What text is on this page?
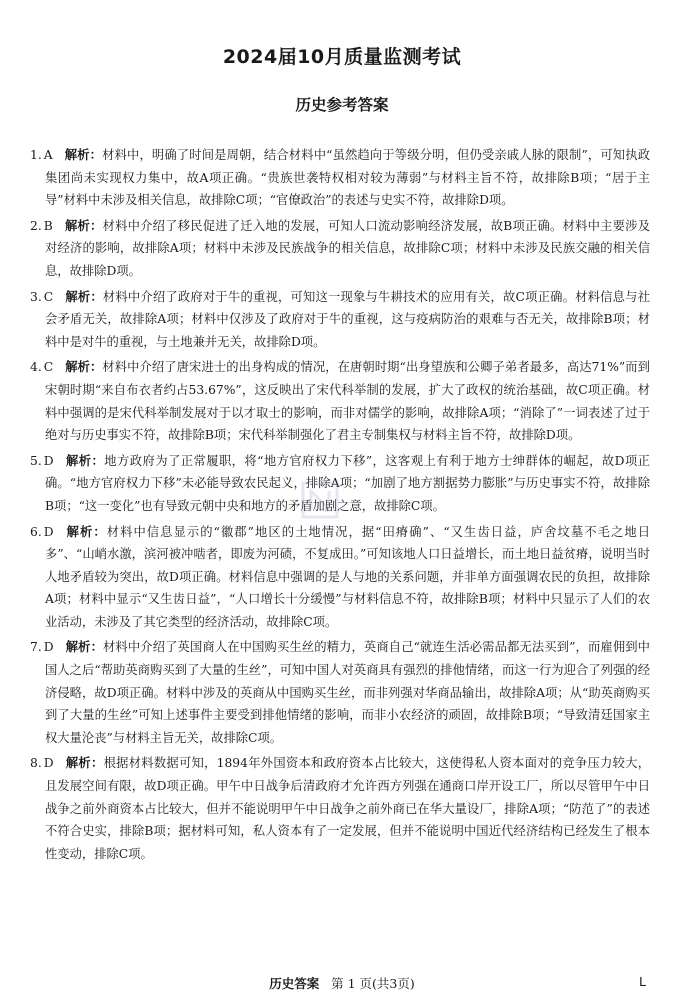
2024届10月质量监测考试
历史参考答案

1. A 解析：材料中，明确了时间是周朝，结合材料中“虽然趋向于等级分明，但仍受亲戚人脉的限制”，可知执政集团尚未实现权力集中，故A项正确。“贵族世袭特权相对较为薄弱”与材料主旨不符，故排除B项；“居于主导”材料中未涉及相关信息，故排除C项；“官僚政治”的表述与史实不符，故排除D项。

2. B 解析：材料中介绍了移民促进了迁入地的发展，可知人口流动影响经济发展，故B项正确。材料中主要涉及对经济的影响，故排除A项；材料中未涉及民族战争的相关信息，故排除C项；材料中未涉及民族交融的相关信息，故排除D项。

3. C 解析：材料中介绍了政府对于牛的重视，可知这一现象与牛耕技术的应用有关，故C项正确。材料信息与社会矛盾无关，故排除A项；材料中仅涉及了政府对于牛的重视，这与疫病防治的艰难与否无关，故排除B项；材料中是对牛的重视，与土地兼并无关，故排除D项。

4. C 解析：材料中介绍了唐宋进士的出身构成的情况，在唐朝时期“出身望族和公卿子弟者最多，高达71%”而到宋朝时期“来自布衣者约占53.67%”，这反映出了宋代科举制的发展，扩大了政权的统治基础，故C项正确。材料中强调的是宋代科举制发展对于以才取士的影响，而非对儒学的影响，故排除A项；“消除了”一词表述了过于绝对与历史事实不符，故排除B项；宋代科举制强化了君主专制集权与材料主旨不符，故排除D项。

5. D 解析：地方政府为了正常履职，将“地方官府权力下移”，这客观上有利于地方士绅群体的崛起，故D项正确。“地方官府权力下移”未必能导致农民起义，排除A项；“加剧了地方割据势力膨胀”与历史事实不符，故排除B项；“这一变化”也有导致元朝中央和地方的矛盾加剧之意，故排除C项。

6. D 解析：材料中信息显示的“徽郡”地区的土地情况，据“田瘠确”、“又生齿日益，庐舍坟墓不毛之地日多”、“山峭水激，滨河被冲啮者，即废为河碛，不复成田。”可知该地人口日益增长，而土地日益贫瘠，说明当时人地矛盾较为突出，故D项正确。材料信息中强调的是人与地的关系问题，并非单方面强调农民的负担，故排除A项；材料中显示“又生齿日益”，“人口增长十分缓慢”与材料信息不符，故排除B项；材料中只显示了人们的农业活动，未涉及了其它类型的经济活动，故排除C项。

7. D 解析：材料中介绍了英国商人在中国购买生丝的精力，英商自己“就连生活必需品都无法买到”，而雇佣到中国人之后“帮助英商购买到了大量的生丝”，可知中国人对英商具有强烈的排他情绪，而这一行为迎合了列强的经济侵略，故D项正确。材料中涉及的英商从中国购买生丝，而非列强对华商品输出，故排除A项；从“助英商购买到了大量的生丝”可知上述事件主要受到排他情绪的影响，而非小农经济的顽固，故排除B项；“导致清廷国家主权大量沦丧”与材料主旨无关，故排除C项。

8. D 解析：根据材料数据可知，1894年外国资本和政府资本占比较大，这使得私人资本面对的竞争压力较大，且发展空间有限，故D项正确。甲午中日战争后清政府才允许西方列强在通商口岸开设工厂，所以尽管甲午中日战争之前外商资本占比较大，但并不能说明甲午中日战争之前外商已在华大量设厂，排除A项；“防范了”的表述不符合史实，排除B项；据材料可知，私人资本有了一定发展，但并不能说明中国近代经济结构已经发生了根本性变动，排除C项。

历史答案 第 1 页(共3页)	L
